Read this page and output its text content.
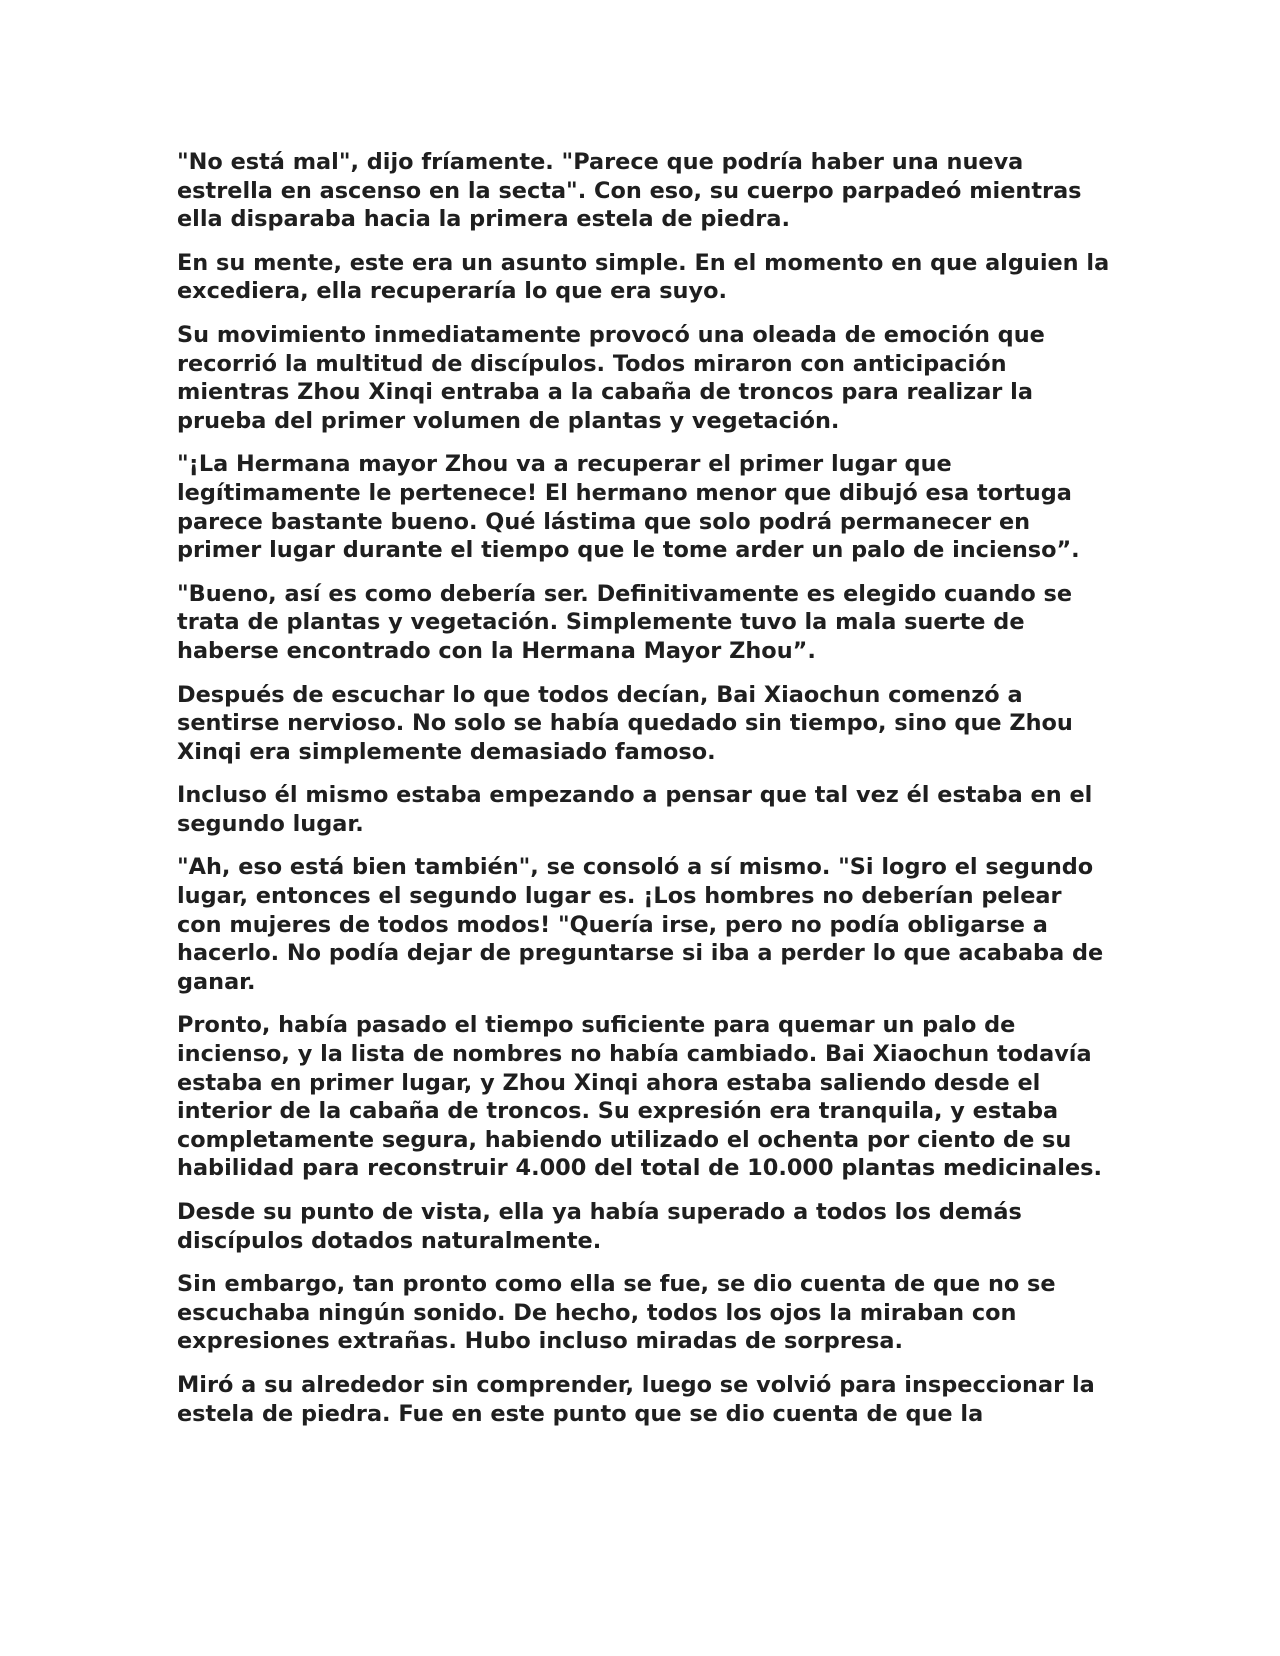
"No está mal", dijo fríamente. "Parece que podría haber una nueva estrella en ascenso en la secta". Con eso, su cuerpo parpadeó mientras ella disparaba hacia la primera estela de piedra.

En su mente, este era un asunto simple. En el momento en que alguien la excediera, ella recuperaría lo que era suyo.

Su movimiento inmediatamente provocó una oleada de emoción que recorrió la multitud de discípulos. Todos miraron con anticipación mientras Zhou Xinqi entraba a la cabaña de troncos para realizar la prueba del primer volumen de plantas y vegetación.

"¡La Hermana mayor Zhou va a recuperar el primer lugar que legítimamente le pertenece! El hermano menor que dibujó esa tortuga parece bastante bueno. Qué lástima que solo podrá permanecer en primer lugar durante el tiempo que le tome arder un palo de incienso”.

"Bueno, así es como debería ser. Definitivamente es elegido cuando se trata de plantas y vegetación. Simplemente tuvo la mala suerte de haberse encontrado con la Hermana Mayor Zhou”.

Después de escuchar lo que todos decían, Bai Xiaochun comenzó a sentirse nervioso. No solo se había quedado sin tiempo, sino que Zhou Xinqi era simplemente demasiado famoso.

Incluso él mismo estaba empezando a pensar que tal vez él estaba en el segundo lugar.

"Ah, eso está bien también", se consoló a sí mismo. "Si logro el segundo lugar, entonces el segundo lugar es. ¡Los hombres no deberían pelear con mujeres de todos modos! "Quería irse, pero no podía obligarse a hacerlo. No podía dejar de preguntarse si iba a perder lo que acababa de ganar.

Pronto, había pasado el tiempo suficiente para quemar un palo de incienso, y la lista de nombres no había cambiado. Bai Xiaochun todavía estaba en primer lugar, y Zhou Xinqi ahora estaba saliendo desde el interior de la cabaña de troncos. Su expresión era tranquila, y estaba completamente segura, habiendo utilizado el ochenta por ciento de su habilidad para reconstruir 4.000 del total de 10.000 plantas medicinales.

Desde su punto de vista, ella ya había superado a todos los demás discípulos dotados naturalmente.

Sin embargo, tan pronto como ella se fue, se dio cuenta de que no se escuchaba ningún sonido. De hecho, todos los ojos la miraban con expresiones extrañas. Hubo incluso miradas de sorpresa.

Miró a su alrededor sin comprender, luego se volvió para inspeccionar la estela de piedra. Fue en este punto que se dio cuenta de que la
